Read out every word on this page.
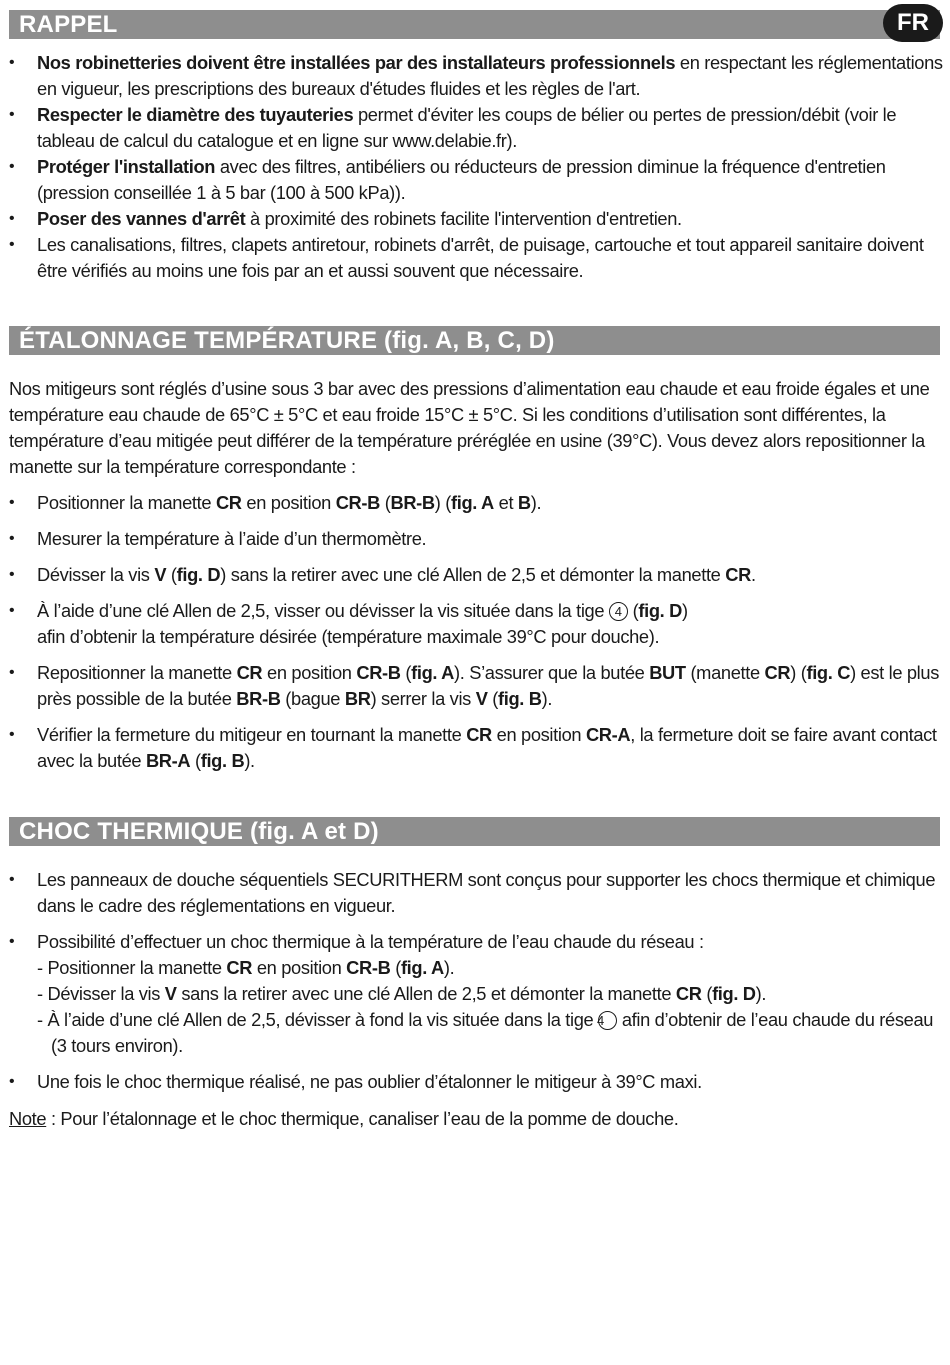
RAPPEL	FR
• Nos robinetteries doivent être installées par des installateurs professionnels en respectant les réglementations en vigueur, les prescriptions des bureaux d'études fluides et les règles de l'art.
• Respecter le diamètre des tuyauteries permet d'éviter les coups de bélier ou pertes de pression/débit (voir le tableau de calcul du catalogue et en ligne sur www.delabie.fr).
• Protéger l'installation avec des filtres, antibéliers ou réducteurs de pression diminue la fréquence d'entretien (pression conseillée 1 à 5 bar (100 à 500 kPa)).
• Poser des vannes d'arrêt à proximité des robinets facilite l'intervention d'entretien.
• Les canalisations, filtres, clapets antiretour, robinets d'arrêt, de puisage, cartouche et tout appareil sanitaire doivent être vérifiés au moins une fois par an et aussi souvent que nécessaire.
ÉTALONNAGE TEMPÉRATURE (fig. A, B, C, D)
Nos mitigeurs sont réglés d’usine sous 3 bar avec des pressions d’alimentation eau chaude et eau froide égales et une température eau chaude de 65°C ± 5°C et eau froide 15°C ± 5°C. Si les conditions d’utilisation sont différentes, la température d’eau mitigée peut différer de la température préréglée en usine (39°C). Vous devez alors repositionner la manette sur la température correspondante :
• Positionner la manette CR en position CR-B (BR-B) (fig. A et B).
• Mesurer la température à l’aide d’un thermomètre.
• Dévisser la vis V (fig. D) sans la retirer avec une clé Allen de 2,5 et démonter la manette CR.
• À l’aide d’une clé Allen de 2,5, visser ou dévisser la vis située dans la tige 4 (fig. D)
afin d’obtenir la température désirée (température maximale 39°C pour douche).
• Repositionner la manette CR en position CR-B (fig. A). S’assurer que la butée BUT (manette CR) (fig. C) est le plus près possible de la butée BR-B (bague BR) serrer la vis V (fig. B).
• Vérifier la fermeture du mitigeur en tournant la manette CR en position CR-A, la fermeture doit se faire avant contact avec la butée BR-A (fig. B).
CHOC THERMIQUE (fig. A et D)
• Les panneaux de douche séquentiels SECURITHERM sont conçus pour supporter les chocs thermique et chimique dans le cadre des réglementations en vigueur.
• Possibilité d’effectuer un choc thermique à la température de l’eau chaude du réseau :
- Positionner la manette CR en position CR-B (fig. A).
- Dévisser la vis V sans la retirer avec une clé Allen de 2,5 et démonter la manette CR (fig. D).
- À l’aide d’une clé Allen de 2,5, dévisser à fond la vis située dans la tige 4 afin d’obtenir de l’eau chaude du réseau (3 tours environ).
• Une fois le choc thermique réalisé, ne pas oublier d’étalonner le mitigeur à 39°C maxi.
Note : Pour l’étalonnage et le choc thermique, canaliser l’eau de la pomme de douche.
